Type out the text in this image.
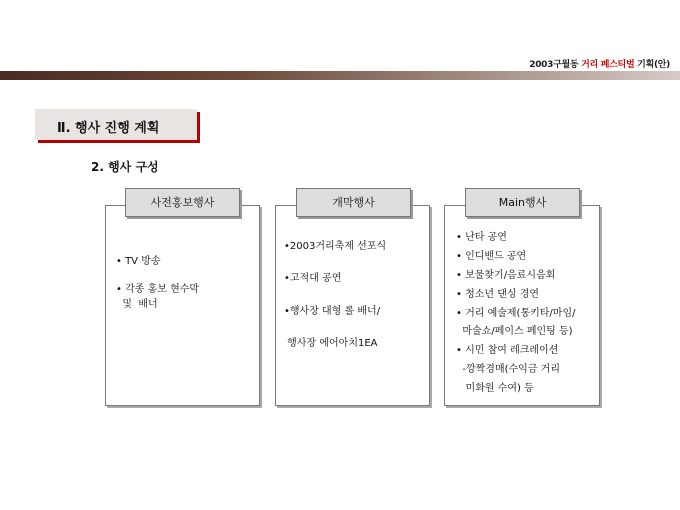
2003구월동 거리 페스티벌 기획(안)
Ⅱ. 행사 진행 계획
2. 행사 구성
사전홍보행사
• TV 방송
• 각종 홍보 현수막
및  배너
개막행사
•2003거리축제 선포식
•고적대 공연
•행사장 대형 롤 배너/
행사장 에어아치1EA
Main행사
• 난타 공연
• 인디밴드 공연
• 보물찾기/음료시음회
• 청소년 댄싱 경연
• 거리 예술제(통키타/마임/
마술쇼/페이스 페인팅 등)
• 시민 참여 레크레이션
-깡짝경매(수익금 거리
미화원 수여) 등
